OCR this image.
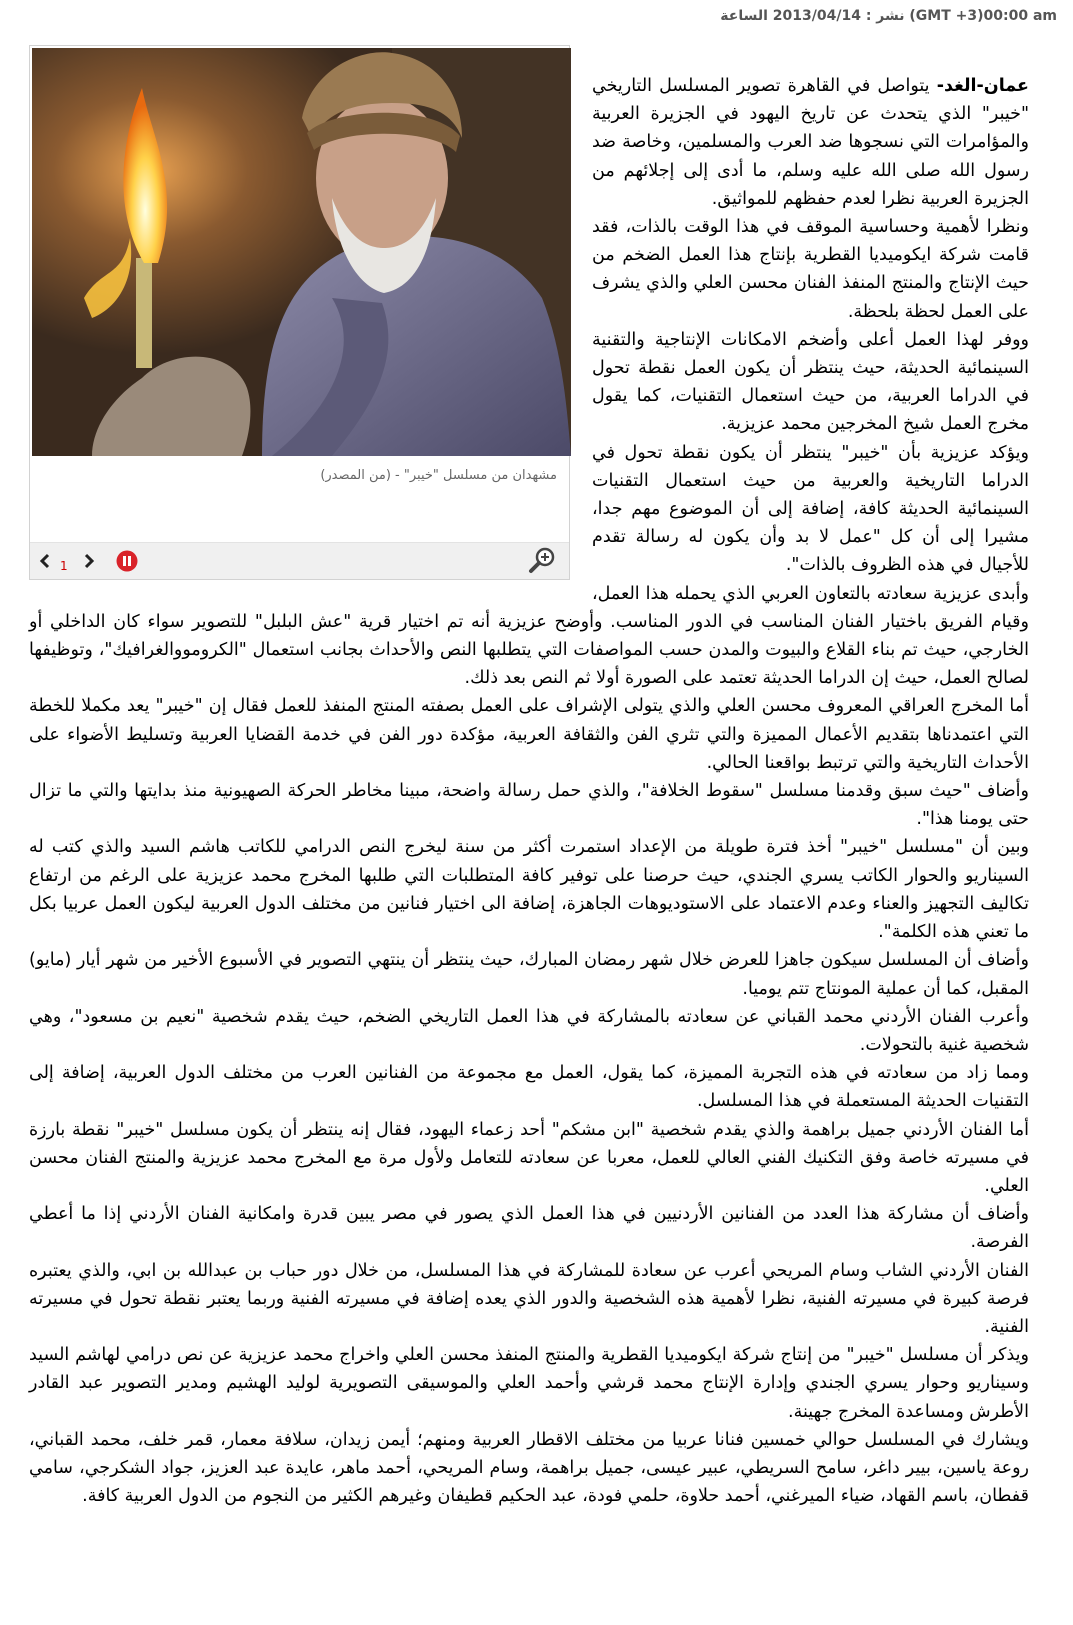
نشر : 2013/04/14 الساعة	(GMT +3)00:00 am
مشهدان من مسلسل "خيبر" - (من المصدر)
1

عمان-الغد- يتواصل في القاهرة تصوير المسلسل التاريخي "خيبر" الذي يتحدث عن تاريخ اليهود في الجزيرة العربية والمؤامرات التي نسجوها ضد العرب والمسلمين، وخاصة ضد رسول الله صلى الله عليه وسلم، ما أدى إلى إجلائهم من الجزيرة العربية نظرا لعدم حفظهم للمواثيق.

ونظرا لأهمية وحساسية الموقف في هذا الوقت بالذات، فقد قامت شركة ايكوميديا القطرية بإنتاج هذا العمل الضخم من حيث الإنتاج والمنتج المنفذ الفنان محسن العلي والذي يشرف على العمل لحظة بلحظة.

ووفر لهذا العمل أعلى وأضخم الامكانات الإنتاجية والتقنية السينمائية الحديثة، حيث ينتظر أن يكون العمل نقطة تحول في الدراما العربية، من حيث استعمال التقنيات، كما يقول مخرج العمل شيخ المخرجين محمد عزيزية.

ويؤكد عزيزية بأن "خيبر" ينتظر أن يكون نقطة تحول في الدراما التاريخية والعربية من حيث استعمال التقنيات السينمائية الحديثة كافة، إضافة إلى أن الموضوع مهم جدا، مشيرا إلى أن كل "عمل لا بد وأن يكون له رسالة تقدم للأجيال في هذه الظروف بالذات".

وأبدى عزيزية سعادته بالتعاون العربي الذي يحمله هذا العمل، وقيام الفريق باختيار الفنان المناسب في الدور المناسب. وأوضح عزيزية أنه تم اختيار قرية "عش البلبل" للتصوير سواء كان الداخلي أو الخارجي، حيث تم بناء القلاع والبيوت والمدن حسب المواصفات التي يتطلبها النص والأحداث بجانب استعمال "الكرومووالغرافيك"، وتوظيفها لصالح العمل، حيث إن الدراما الحديثة تعتمد على الصورة أولا ثم النص بعد ذلك.

أما المخرج العراقي المعروف محسن العلي والذي يتولى الإشراف على العمل بصفته المنتج المنفذ للعمل فقال إن "خيبر" يعد مكملا للخطة التي اعتمدناها بتقديم الأعمال المميزة والتي تثري الفن والثقافة العربية، مؤكدة دور الفن في خدمة القضايا العربية وتسليط الأضواء على الأحداث التاريخية والتي ترتبط بواقعنا الحالي.

وأضاف "حيث سبق وقدمنا مسلسل "سقوط الخلافة"، والذي حمل رسالة واضحة، مبينا مخاطر الحركة الصهيونية منذ بدايتها والتي ما تزال حتى يومنا هذا".

وبين أن "مسلسل "خيبر" أخذ فترة طويلة من الإعداد استمرت أكثر من سنة ليخرج النص الدرامي للكاتب هاشم السيد والذي كتب له السيناريو والحوار الكاتب يسري الجندي، حيث حرصنا على توفير كافة المتطلبات التي طلبها المخرج محمد عزيزية على الرغم من ارتفاع تكاليف التجهيز والعناء وعدم الاعتماد على الاستوديوهات الجاهزة، إضافة الى اختيار فنانين من مختلف الدول العربية ليكون العمل عربيا بكل ما تعني هذه الكلمة".

وأضاف أن المسلسل سيكون جاهزا للعرض خلال شهر رمضان المبارك، حيث ينتظر أن ينتهي التصوير في الأسبوع الأخير من شهر أيار (مايو) المقبل، كما أن عملية المونتاج تتم يوميا.

وأعرب الفنان الأردني محمد القباني عن سعادته بالمشاركة في هذا العمل التاريخي الضخم، حيث يقدم شخصية "نعيم بن مسعود"، وهي شخصية غنية بالتحولات.

ومما زاد من سعادته في هذه التجربة المميزة، كما يقول، العمل مع مجموعة من الفنانين العرب من مختلف الدول العربية، إضافة إلى التقنيات الحديثة المستعملة في هذا المسلسل.

أما الفنان الأردني جميل براهمة والذي يقدم شخصية "ابن مشكم" أحد زعماء اليهود، فقال إنه ينتظر أن يكون مسلسل "خيبر" نقطة بارزة في مسيرته خاصة وفق التكنيك الفني العالي للعمل، معربا عن سعادته للتعامل ولأول مرة مع المخرج محمد عزيزية والمنتج الفنان محسن العلي.

وأضاف أن مشاركة هذا العدد من الفنانين الأردنيين في هذا العمل الذي يصور في مصر يبين قدرة وامكانية الفنان الأردني إذا ما أعطي الفرصة.

الفنان الأردني الشاب وسام المريحي أعرب عن سعادة للمشاركة في هذا المسلسل، من خلال دور حباب بن عبدالله بن ابي، والذي يعتبره فرصة كبيرة في مسيرته الفنية، نظرا لأهمية هذه الشخصية والدور الذي يعده إضافة في مسيرته الفنية وربما يعتبر نقطة تحول في مسيرته الفنية.

ويذكر أن مسلسل "خيبر" من إنتاج شركة ايكوميديا القطرية والمنتج المنفذ محسن العلي واخراج محمد عزيزية عن نص درامي لهاشم السيد وسيناريو وحوار يسري الجندي وإدارة الإنتاج محمد قرشي وأحمد العلي والموسيقى التصويرية لوليد الهشيم ومدير التصوير عبد القادر الأطرش ومساعدة المخرج جهينة.

ويشارك في المسلسل حوالي خمسين فنانا عربيا من مختلف الاقطار العربية ومنهم؛ أيمن زيدان، سلافة معمار، قمر خلف، محمد القباني، روعة ياسين، بيير داغر، سامح السريطي، عبير عيسى، جميل براهمة، وسام المريحي، أحمد ماهر، عايدة عبد العزيز، جواد الشكرجي، سامي قفطان، باسم القهاد، ضياء الميرغني، أحمد حلاوة، حلمي فودة، عبد الحكيم قطيفان وغيرهم الكثير من النجوم من الدول العربية كافة.
